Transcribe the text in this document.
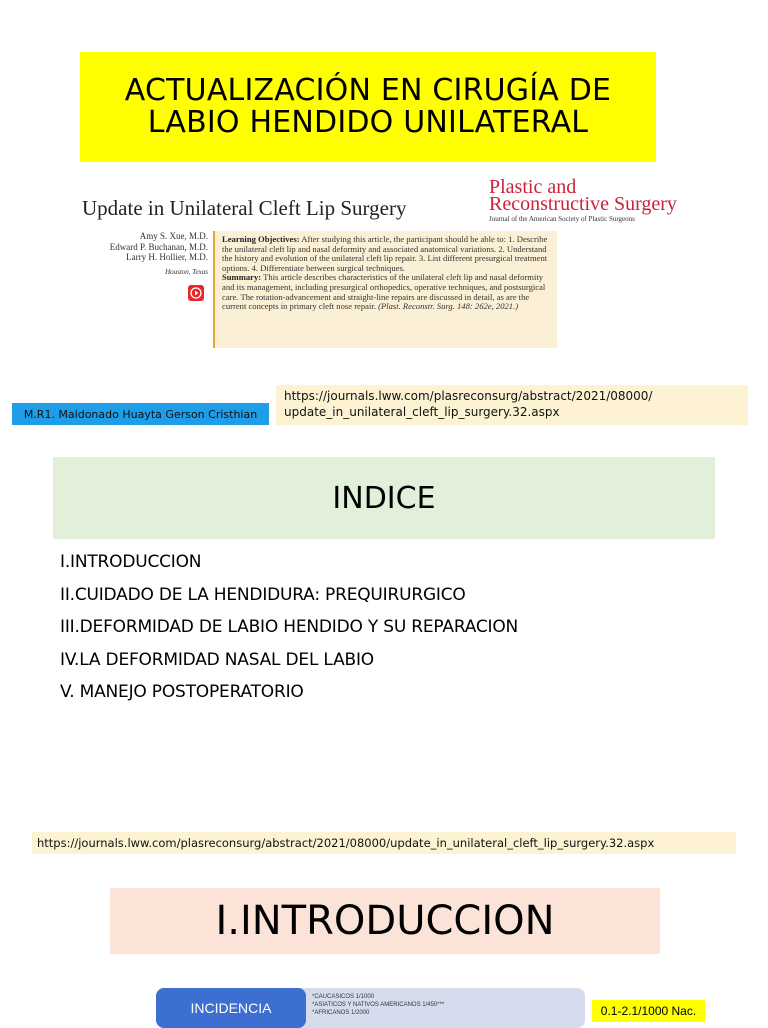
ACTUALIZACIÓN EN CIRUGÍA DE
LABIO HENDIDO UNILATERAL
Update in Unilateral Cleft Lip Surgery
Plastic and
Reconstructive Surgery
Journal of the American Society of Plastic Surgeons
Amy S. Xue, M.D.
Edward P. Buchanan, M.D.
Larry H. Hollier, M.D.
Houston, Texas
Learning Objectives: After studying this article, the participant should be able to: 1. Describe the unilateral cleft lip and nasal deformity and associated anatomical variations. 2. Understand the history and evolution of the unilateral cleft lip repair. 3. List different presurgical treatment options. 4. Differentiate between surgical techniques.
Summary: This article describes characteristics of the unilateral cleft lip and nasal deformity and its management, including presurgical orthopedics, operative techniques, and postsurgical care. The rotation-advancement and straight-line repairs are discussed in detail, as are the current concepts in primary cleft nose repair. (Plast. Reconstr. Surg. 148: 262e, 2021.)
M.R1. Maldonado Huayta Gerson Cristhian
https://journals.lww.com/plasreconsurg/abstract/2021/08000/
update_in_unilateral_cleft_lip_surgery.32.aspx
INDICE
I.INTRODUCCION
II.CUIDADO DE LA HENDIDURA: PREQUIRURGICO
III.DEFORMIDAD DE LABIO HENDIDO Y SU REPARACION
IV.LA DEFORMIDAD NASAL DEL LABIO
V. MANEJO POSTOPERATORIO
https://journals.lww.com/plasreconsurg/abstract/2021/08000/update_in_unilateral_cleft_lip_surgery.32.aspx
I.INTRODUCCION
INCIDENCIA
*CAUCASICOS 1/1000
*ASIATICOS Y NATIVOS AMERICANOS 1/450***
*AFRICANOS 1/2000	0.1-2.1/1000 Nac.
